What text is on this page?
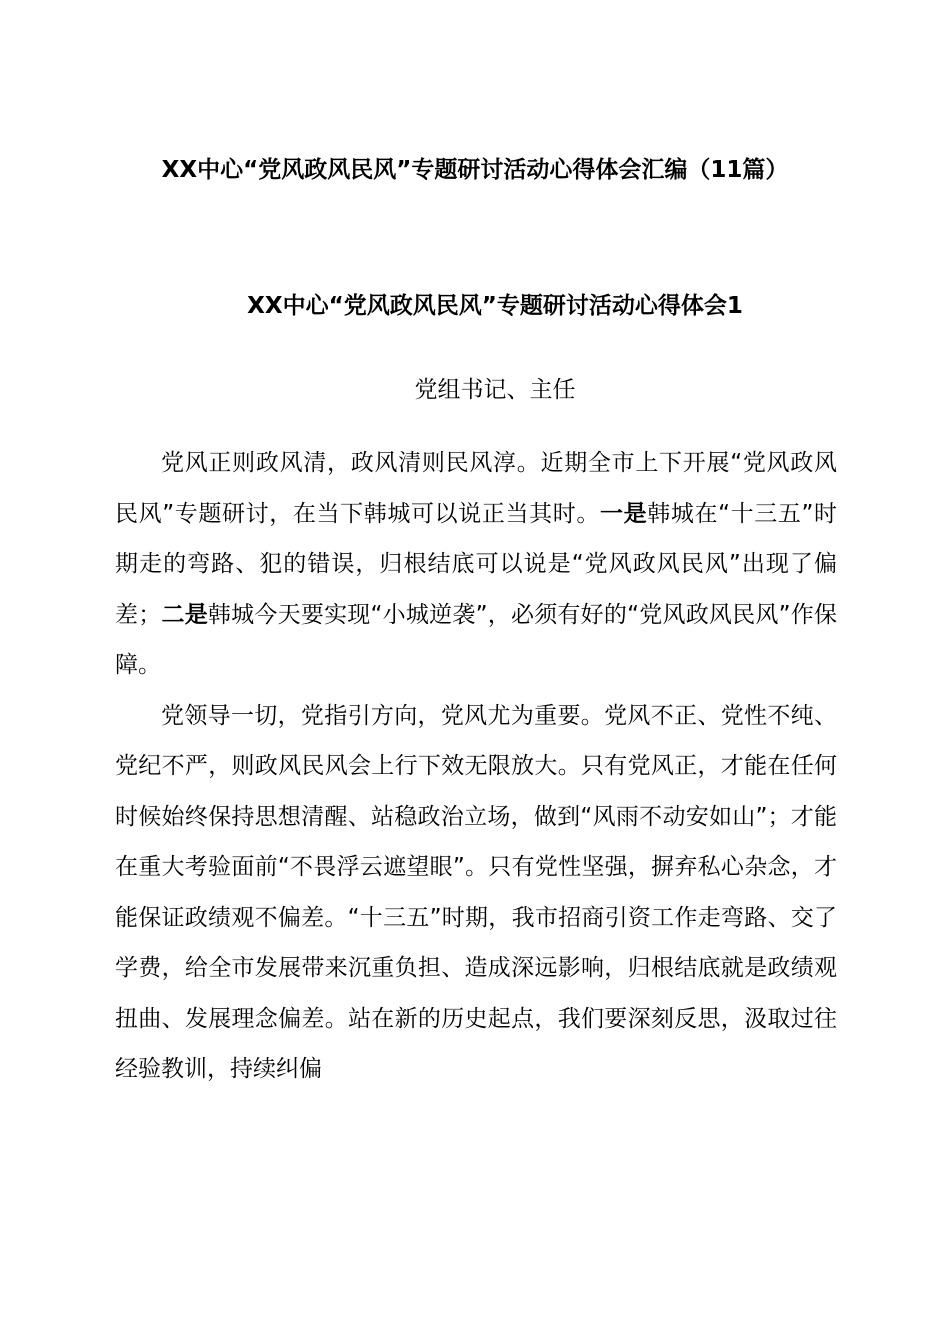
XX中心“党风政风民风”专题研讨活动心得体会汇编（11篇）
XX中心“党风政风民风”专题研讨活动心得体会1

党组书记、主任

党风正则政风清，政风清则民风淳。近期全市上下开展“党风政风民风”专题研讨，在当下韩城可以说正当其时。一是韩城在“十三五”时期走的弯路、犯的错误，归根结底可以说是“党风政风民风”出现了偏差；二是韩城今天要实现“小城逆袭”，必须有好的“党风政风民风”作保障。

党领导一切，党指引方向，党风尤为重要。党风不正、党性不纯、党纪不严，则政风民风会上行下效无限放大。只有党风正，才能在任何时候始终保持思想清醒、站稳政治立场，做到“风雨不动安如山”；才能在重大考验面前“不畏浮云遮望眼”。只有党性坚强，摒弃私心杂念，才能保证政绩观不偏差。“十三五”时期，我市招商引资工作走弯路、交了学费，给全市发展带来沉重负担、造成深远影响，归根结底就是政绩观扭曲、发展理念偏差。站在新的历史起点，我们要深刻反思，汲取过往经验教训，持续纠偏
